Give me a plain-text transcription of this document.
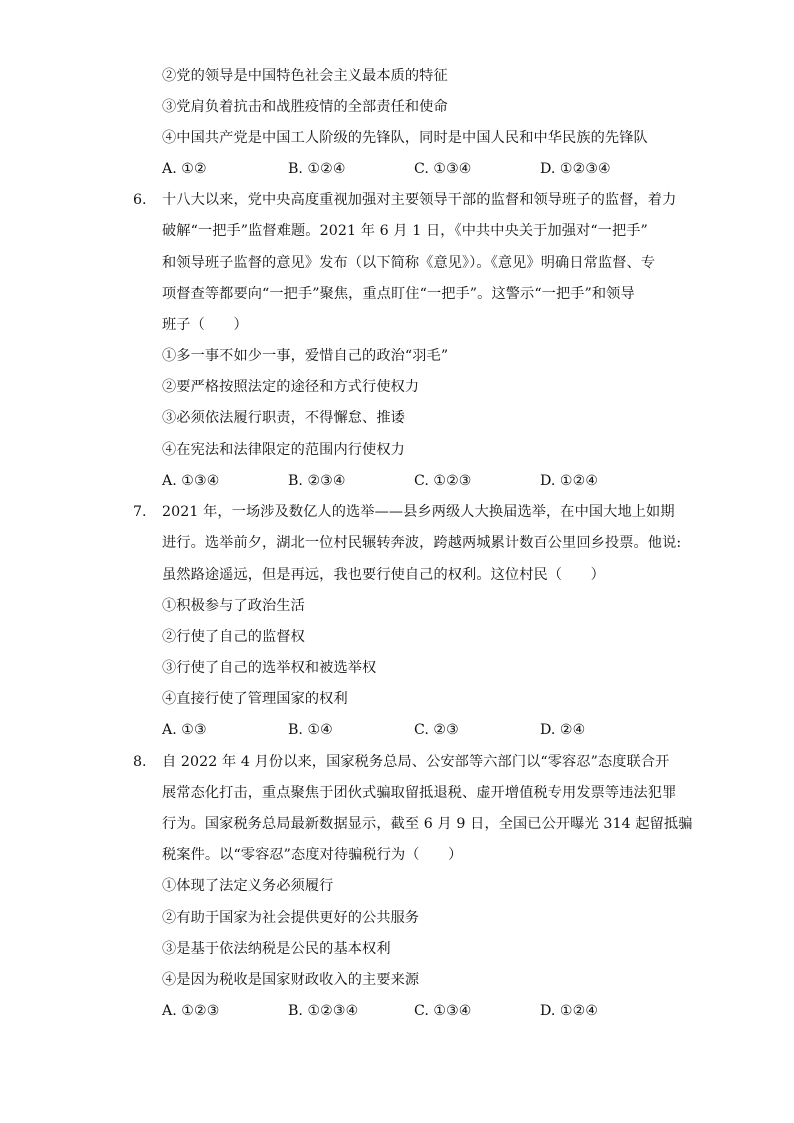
②党的领导是中国特色社会主义最本质的特征
③党肩负着抗击和战胜疫情的全部责任和使命
④中国共产党是中国工人阶级的先锋队，同时是中国人民和中华民族的先锋队
A. ①②	B. ①②④	C. ①③④	D. ①②③④
6. 十八大以来，党中央高度重视加强对主要领导干部的监督和领导班子的监督，着力
破解“一把手”监督难题。2021 年 6 月 1 日，《中共中央关于加强对“一把手”
和领导班子监督的意见》发布（以下简称《意见》）。《意见》明确日常监督、专
项督查等都要向“一把手”聚焦，重点盯住“一把手”。这警示“一把手”和领导
班子（　　）
①多一事不如少一事，爱惜自己的政治“羽毛”
②要严格按照法定的途径和方式行使权力
③必须依法履行职责，不得懈怠、推诿
④在宪法和法律限定的范围内行使权力
A. ①③④	B. ②③④	C. ①②③	D. ①②④
7. 2021 年，一场涉及数亿人的选举——县乡两级人大换届选举，在中国大地上如期
进行。选举前夕，湖北一位村民辗转奔波，跨越两城累计数百公里回乡投票。他说:
虽然路途遥远，但是再远，我也要行使自己的权利。这位村民（　　）
①积极参与了政治生活
②行使了自己的监督权
③行使了自己的选举权和被选举权
④直接行使了管理国家的权利
A. ①③	B. ①④	C. ②③	D. ②④
8. 自 2022 年 4 月份以来，国家税务总局、公安部等六部门以“零容忍”态度联合开
展常态化打击，重点聚焦于团伙式骗取留抵退税、虚开增值税专用发票等违法犯罪
行为。国家税务总局最新数据显示，截至 6 月 9 日，全国已公开曝光 314 起留抵骗
税案件。以“零容忍”态度对待骗税行为（　　）
①体现了法定义务必须履行
②有助于国家为社会提供更好的公共服务
③是基于依法纳税是公民的基本权利
④是因为税收是国家财政收入的主要来源
A. ①②③	B. ①②③④	C. ①③④	D. ①②④
